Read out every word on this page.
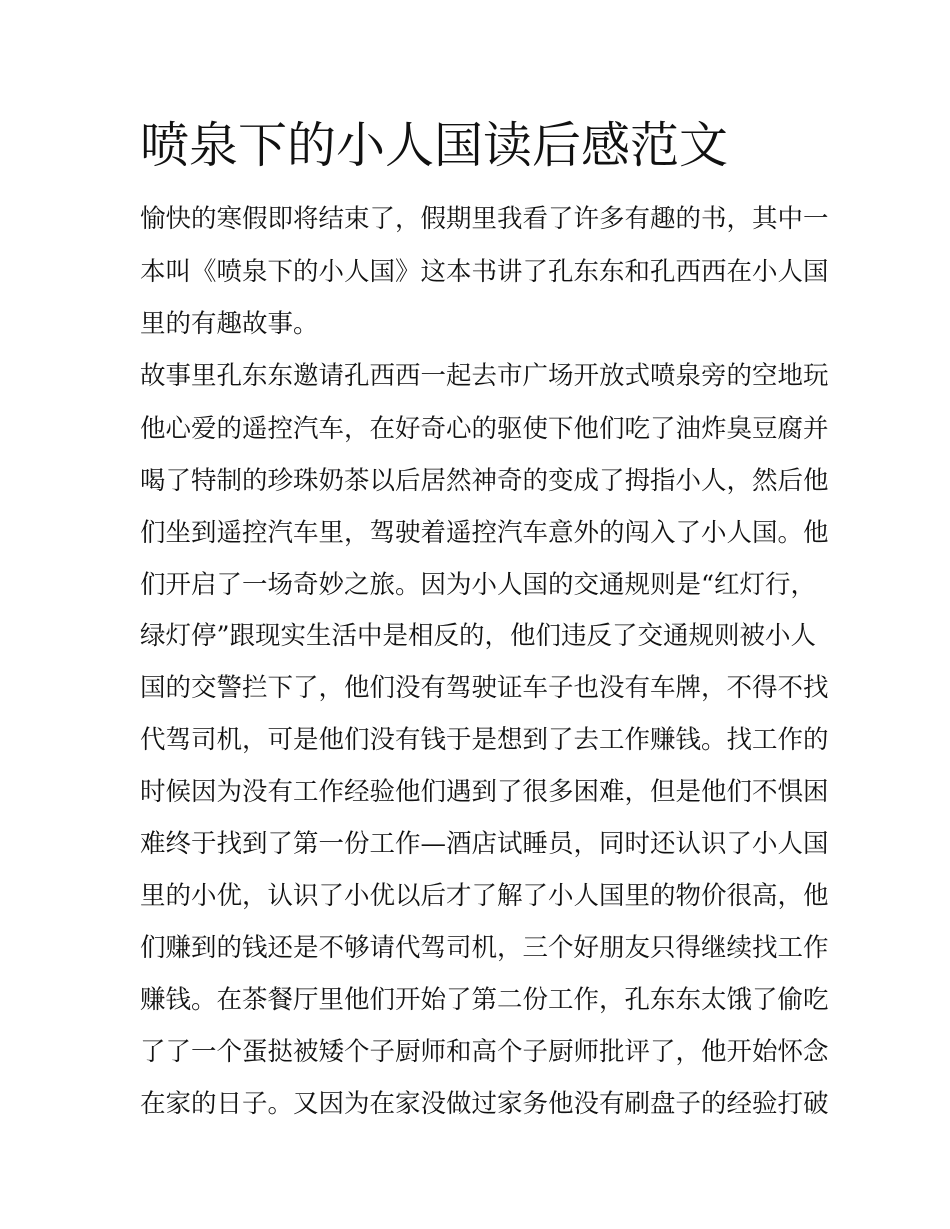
喷泉下的小人国读后感范文

愉快的寒假即将结束了，假期里我看了许多有趣的书，其中一

本叫《喷泉下的小人国》这本书讲了孔东东和孔西西在小人国

里的有趣故事。

故事里孔东东邀请孔西西一起去市广场开放式喷泉旁的空地玩

他心爱的遥控汽车，在好奇心的驱使下他们吃了油炸臭豆腐并

喝了特制的珍珠奶茶以后居然神奇的变成了拇指小人，然后他

们坐到遥控汽车里，驾驶着遥控汽车意外的闯入了小人国。他

们开启了一场奇妙之旅。因为小人国的交通规则是“红灯行，

绿灯停”跟现实生活中是相反的，他们违反了交通规则被小人

国的交警拦下了，他们没有驾驶证车子也没有车牌，不得不找

代驾司机，可是他们没有钱于是想到了去工作赚钱。找工作的

时候因为没有工作经验他们遇到了很多困难，但是他们不惧困

难终于找到了第一份工作—酒店试睡员，同时还认识了小人国

里的小优，认识了小优以后才了解了小人国里的物价很高，他

们赚到的钱还是不够请代驾司机，三个好朋友只得继续找工作

赚钱。在茶餐厅里他们开始了第二份工作，孔东东太饿了偷吃

了了一个蛋挞被矮个子厨师和高个子厨师批评了，他开始怀念

在家的日子。又因为在家没做过家务他没有刷盘子的经验打破
